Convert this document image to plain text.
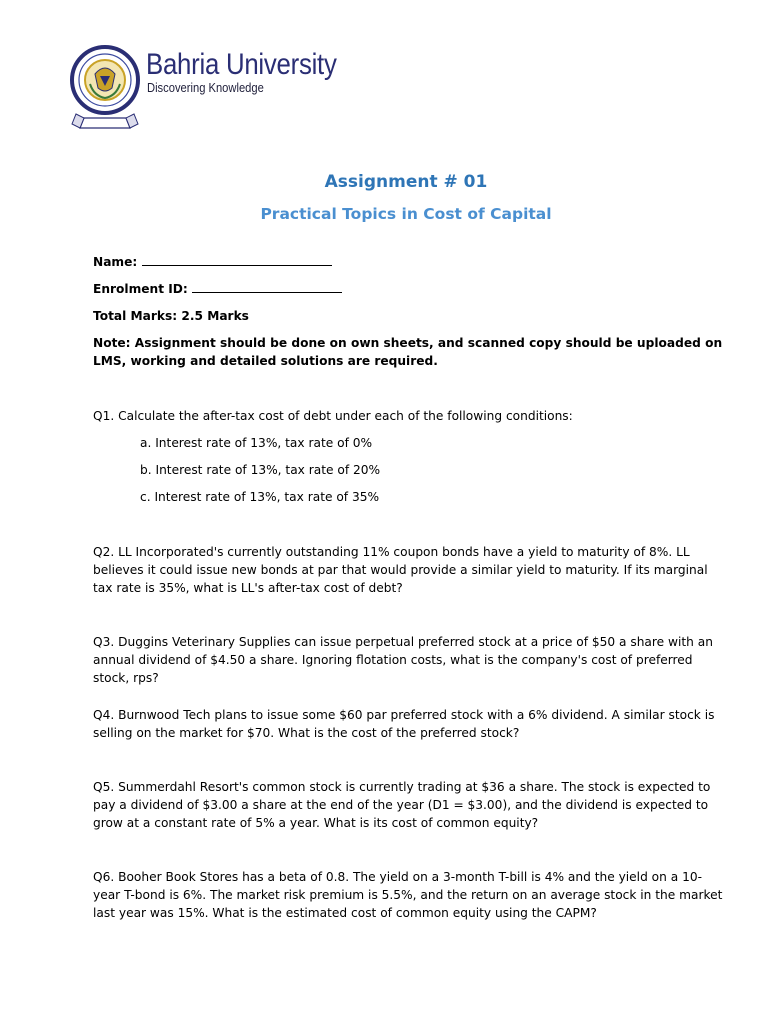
Bahria University
Discovering Knowledge
Assignment # 01
Practical Topics in Cost of Capital
Name:
Enrolment ID:
Total Marks: 2.5 Marks
Note: Assignment should be done on own sheets, and scanned copy should be uploaded on LMS, working and detailed solutions are required.
Q1. Calculate the after-tax cost of debt under each of the following conditions:
a. Interest rate of 13%, tax rate of 0%
b. Interest rate of 13%, tax rate of 20%
c. Interest rate of 13%, tax rate of 35%
Q2. LL Incorporated's currently outstanding 11% coupon bonds have a yield to maturity of 8%. LL believes it could issue new bonds at par that would provide a similar yield to maturity. If its marginal tax rate is 35%, what is LL's after-tax cost of debt?
Q3. Duggins Veterinary Supplies can issue perpetual preferred stock at a price of $50 a share with an annual dividend of $4.50 a share. Ignoring flotation costs, what is the company's cost of preferred stock, rps?
Q4. Burnwood Tech plans to issue some $60 par preferred stock with a 6% dividend. A similar stock is selling on the market for $70. What is the cost of the preferred stock?
Q5. Summerdahl Resort's common stock is currently trading at $36 a share. The stock is expected to pay a dividend of $3.00 a share at the end of the year (D1 = $3.00), and the dividend is expected to grow at a constant rate of 5% a year. What is its cost of common equity?
Q6. Booher Book Stores has a beta of 0.8. The yield on a 3-month T-bill is 4% and the yield on a 10-year T-bond is 6%. The market risk premium is 5.5%, and the return on an average stock in the market last year was 15%. What is the estimated cost of common equity using the CAPM?
